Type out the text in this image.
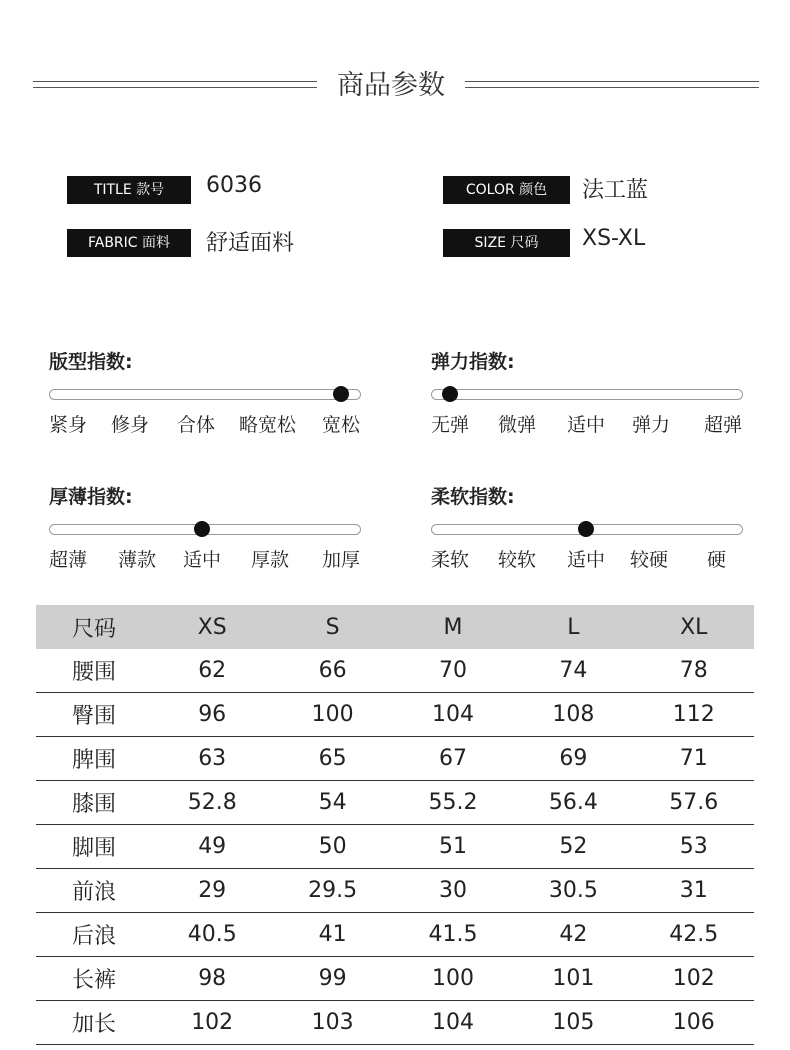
商品参数
TITLE 款号	6036	COLOR 颜色	法工蓝
FABRIC 面料	舒适面料	SIZE 尺码	XS-XL
版型指数:
紧身 修身 合体 略宽松 宽松
弹力指数:
无弹 微弹 适中 弹力 超弹
厚薄指数:
超薄 薄款 适中 厚款 加厚
柔软指数:
柔软 较软 适中 较硬 硬
尺码	XS	S	M	L	XL
腰围	62	66	70	74	78
臀围	96	100	104	108	112
脾围	63	65	67	69	71
膝围	52.8	54	55.2	56.4	57.6
脚围	49	50	51	52	53
前浪	29	29.5	30	30.5	31
后浪	40.5	41	41.5	42	42.5
长裤	98	99	100	101	102
加长	102	103	104	105	106
